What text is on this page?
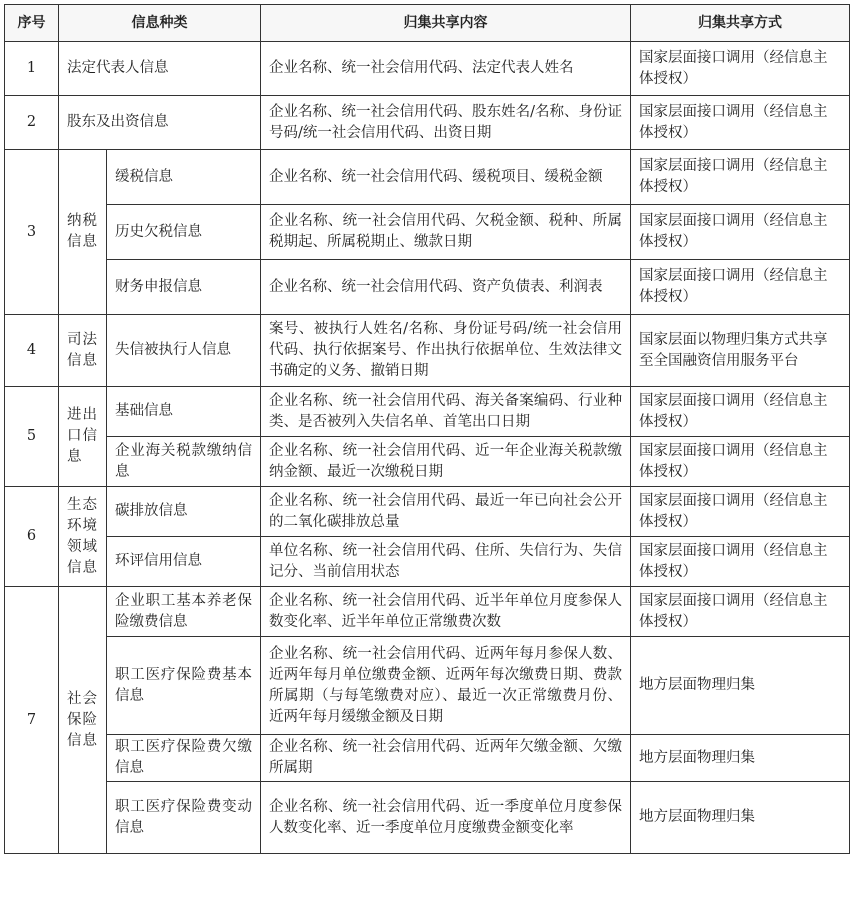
序号	信息种类		归集共享内容	归集共享方式
1	法定代表人信息		企业名称、统一社会信用代码、法定代表人姓名	国家层面接口调用（经信息主体授权）
2	股东及出资信息		企业名称、统一社会信用代码、股东姓名/名称、身份证号码/统一社会信用代码、出资日期	国家层面接口调用（经信息主体授权）
3	纳税信息	缓税信息	企业名称、统一社会信用代码、缓税项目、缓税金额	国家层面接口调用（经信息主体授权）
		历史欠税信息	企业名称、统一社会信用代码、欠税金额、税种、所属税期起、所属税期止、缴款日期	国家层面接口调用（经信息主体授权）
		财务申报信息	企业名称、统一社会信用代码、资产负债表、利润表	国家层面接口调用（经信息主体授权）
4	司法信息	失信被执行人信息	案号、被执行人姓名/名称、身份证号码/统一社会信用代码、执行依据案号、作出执行依据单位、生效法律文书确定的义务、撤销日期	国家层面以物理归集方式共享至全国融资信用服务平台
5	进出口信息	基础信息	企业名称、统一社会信用代码、海关备案编码、行业种类、是否被列入失信名单、首笔出口日期	国家层面接口调用（经信息主体授权）
		企业海关税款缴纳信息	企业名称、统一社会信用代码、近一年企业海关税款缴纳金额、最近一次缴税日期	国家层面接口调用（经信息主体授权）
6	生态环境领域信息	碳排放信息	企业名称、统一社会信用代码、最近一年已向社会公开的二氧化碳排放总量	国家层面接口调用（经信息主体授权）
		环评信用信息	单位名称、统一社会信用代码、住所、失信行为、失信记分、当前信用状态	国家层面接口调用（经信息主体授权）
7	社会保险信息	企业职工基本养老保险缴费信息	企业名称、统一社会信用代码、近半年单位月度参保人数变化率、近半年单位正常缴费次数	国家层面接口调用（经信息主体授权）
		职工医疗保险费基本信息	企业名称、统一社会信用代码、近两年每月参保人数、近两年每月单位缴费金额、近两年每次缴费日期、费款所属期（与每笔缴费对应）、最近一次正常缴费月份、近两年每月缓缴金额及日期	地方层面物理归集
		职工医疗保险费欠缴信息	企业名称、统一社会信用代码、近两年欠缴金额、欠缴所属期	地方层面物理归集
		职工医疗保险费变动信息	企业名称、统一社会信用代码、近一季度单位月度参保人数变化率、近一季度单位月度缴费金额变化率	地方层面物理归集
